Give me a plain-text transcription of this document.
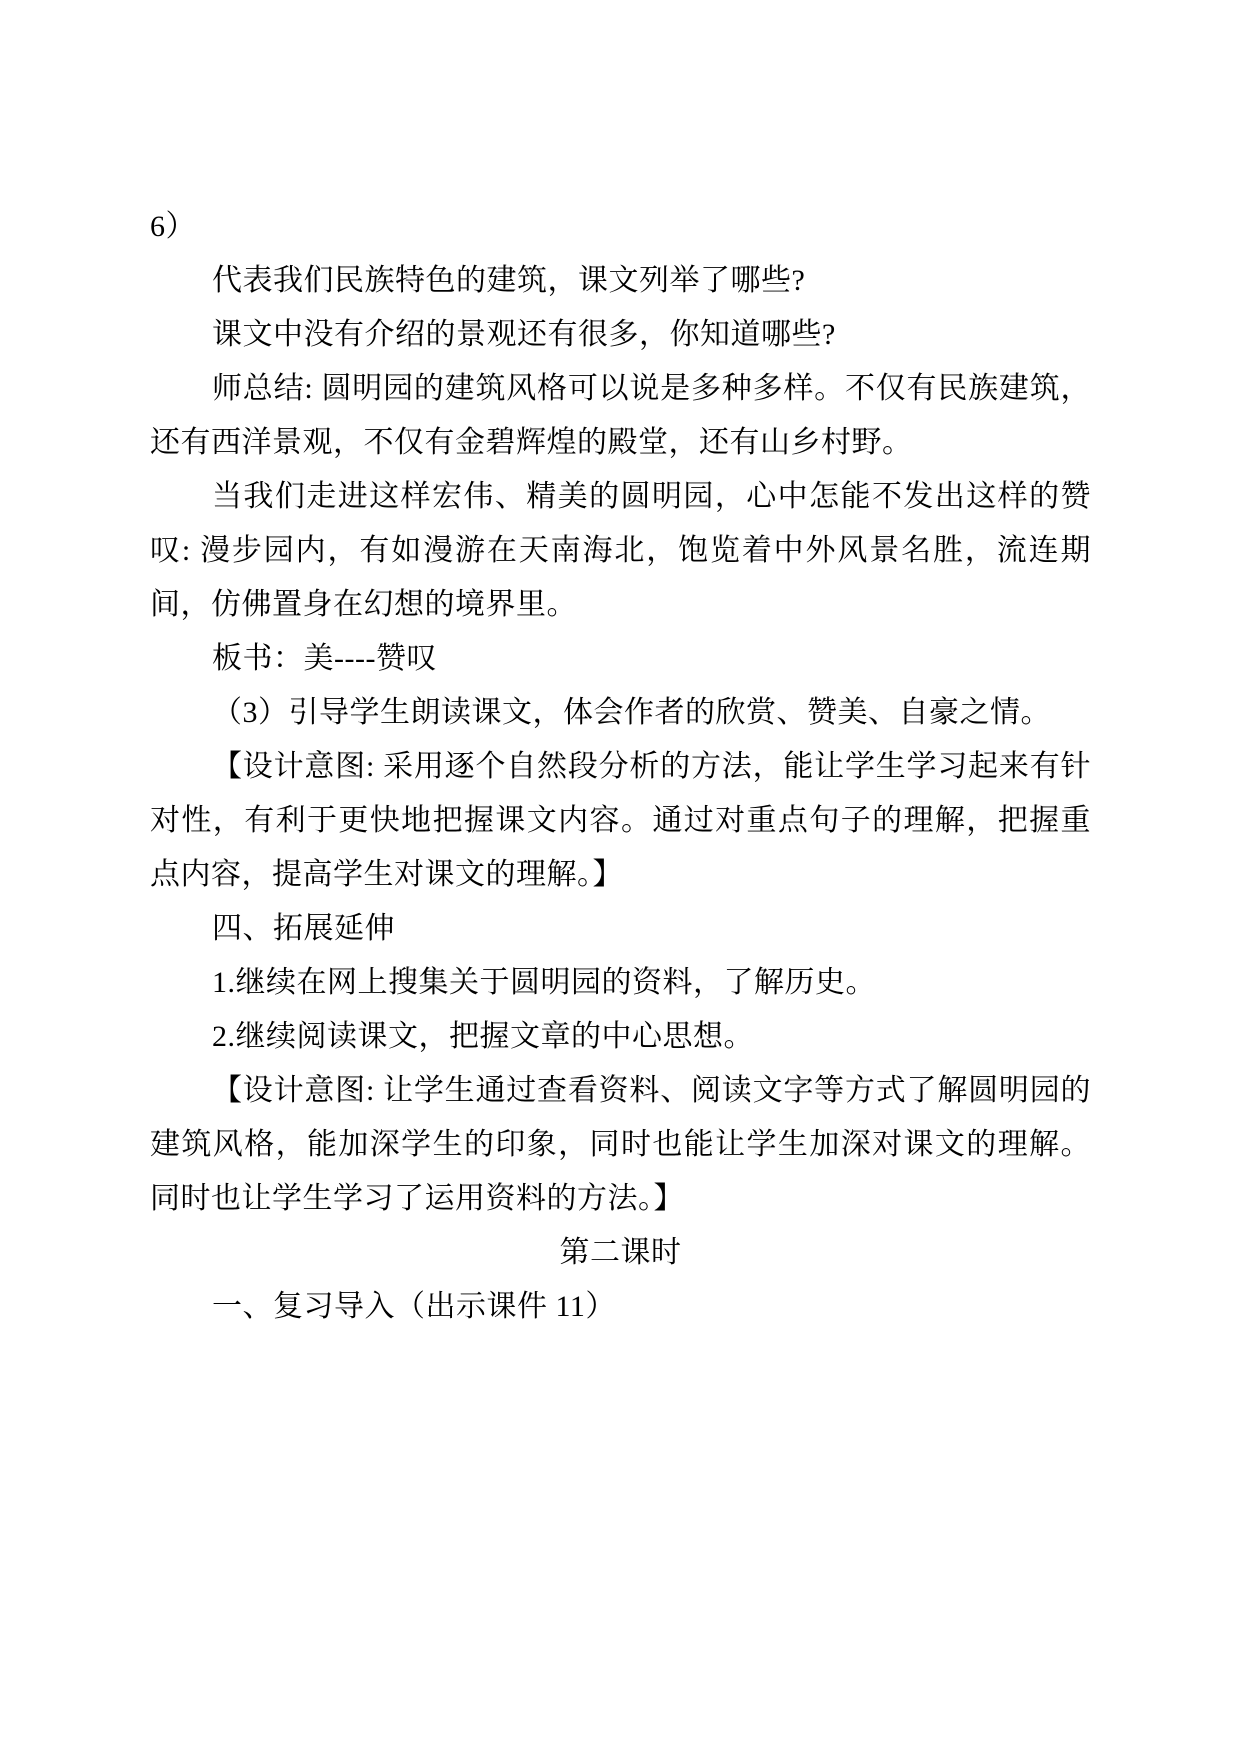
6）
代表我们民族特色的建筑，课文列举了哪些?
课文中没有介绍的景观还有很多，你知道哪些?
师总结: 圆明园的建筑风格可以说是多种多样。不仅有民族建筑，还有西洋景观，不仅有金碧辉煌的殿堂，还有山乡村野。
当我们走进这样宏伟、精美的圆明园，心中怎能不发出这样的赞叹: 漫步园内，有如漫游在天南海北，饱览着中外风景名胜，流连期间，仿佛置身在幻想的境界里。
板书：美----赞叹
（3）引导学生朗读课文，体会作者的欣赏、赞美、自豪之情。
【设计意图: 采用逐个自然段分析的方法，能让学生学习起来有针对性，有利于更快地把握课文内容。通过对重点句子的理解，把握重点内容，提高学生对课文的理解。】
四、拓展延伸
1.继续在网上搜集关于圆明园的资料，了解历史。
2.继续阅读课文，把握文章的中心思想。
【设计意图: 让学生通过查看资料、阅读文字等方式了解圆明园的建筑风格，能加深学生的印象，同时也能让学生加深对课文的理解。同时也让学生学习了运用资料的方法。】
第二课时
一、复习导入（出示课件 11）
